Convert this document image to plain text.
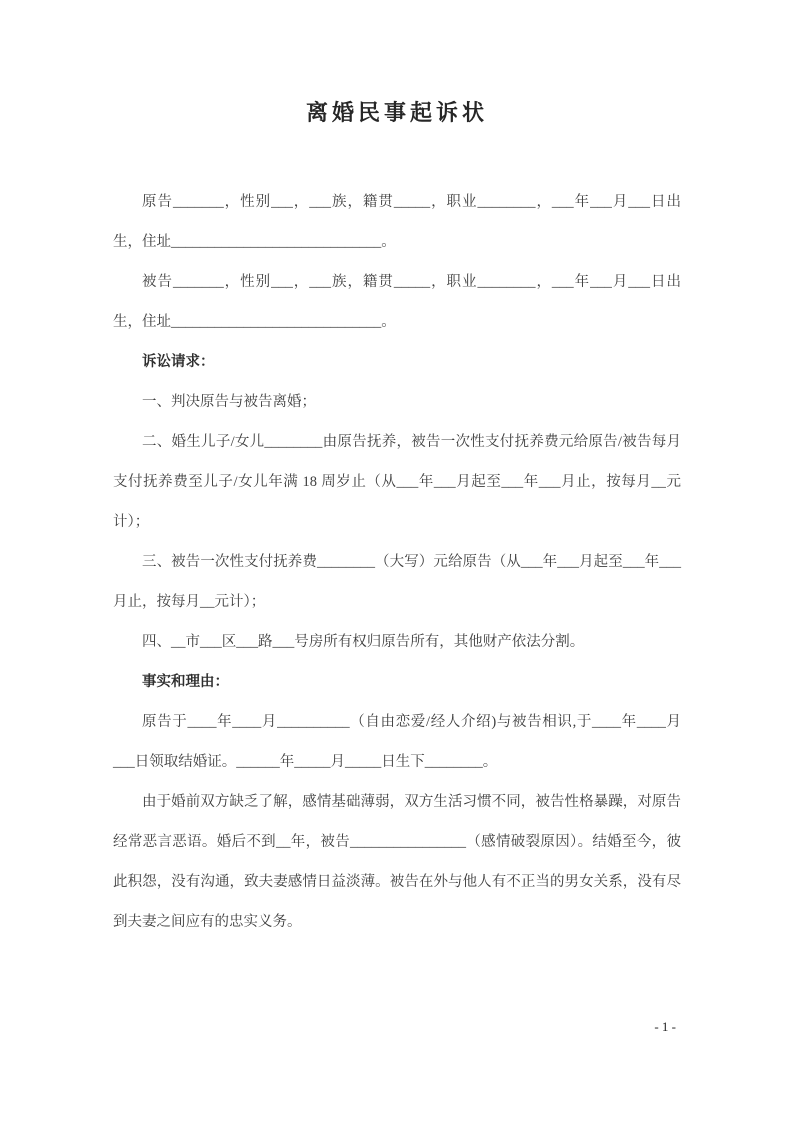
离婚民事起诉状

原告_______，性别___，___族，籍贯_____，职业________，___年___月___日出生，住址_____________________________。

被告_______，性别___，___族，籍贯_____，职业________，___年___月___日出生，住址_____________________________。

诉讼请求：

一、判决原告与被告离婚；

二、婚生儿子/女儿________由原告抚养，被告一次性支付抚养费元给原告/被告每月支付抚养费至儿子/女儿年满 18 周岁止（从___年___月起至___年___月止，按每月__元计）；

三、被告一次性支付抚养费________（大写）元给原告（从___年___月起至___年___月止，按每月__元计）；

四、__市___区___路___号房所有权归原告所有，其他财产依法分割。

事实和理由：

原告于____年____月__________（自由恋爱/经人介绍)与被告相识,于____年____月___日领取结婚证。______年_____月_____日生下________。

由于婚前双方缺乏了解，感情基础薄弱，双方生活习惯不同，被告性格暴躁，对原告经常恶言恶语。婚后不到__年，被告________________（感情破裂原因）。结婚至今，彼此积怨，没有沟通，致夫妻感情日益淡薄。被告在外与他人有不正当的男女关系，没有尽到夫妻之间应有的忠实义务。

- 1 -
